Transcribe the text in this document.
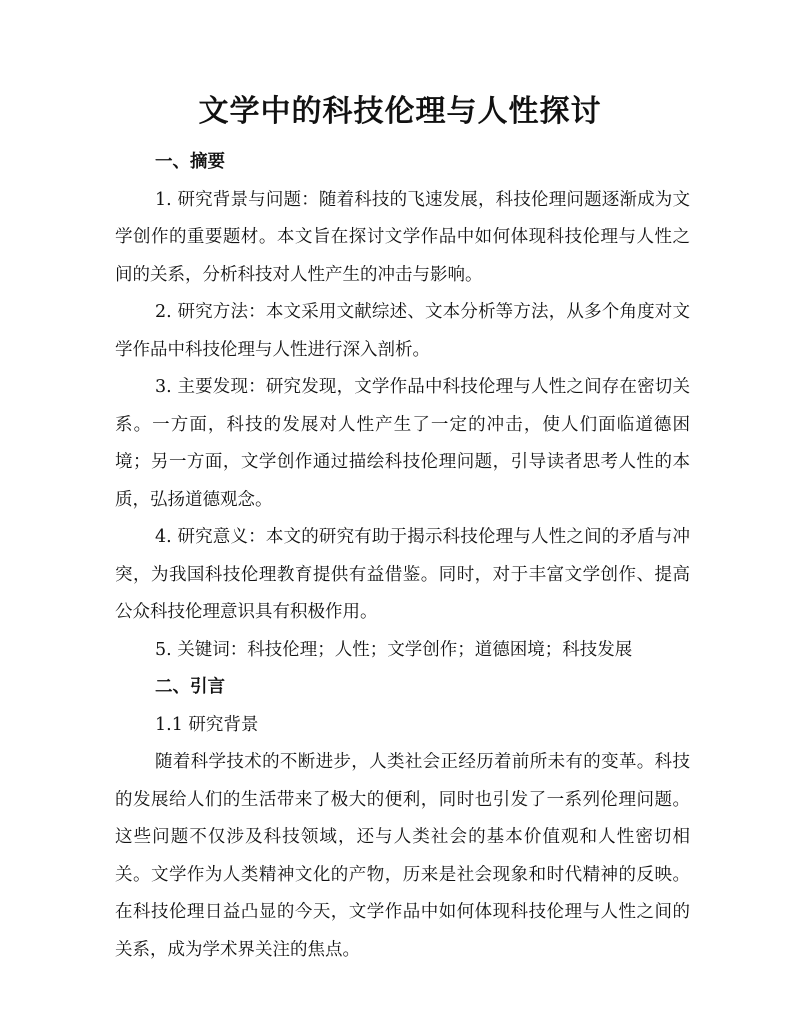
文学中的科技伦理与人性探讨

一、摘要

1. 研究背景与问题：随着科技的飞速发展，科技伦理问题逐渐成为文学创作的重要题材。本文旨在探讨文学作品中如何体现科技伦理与人性之间的关系，分析科技对人性产生的冲击与影响。

2. 研究方法：本文采用文献综述、文本分析等方法，从多个角度对文学作品中科技伦理与人性进行深入剖析。

3. 主要发现：研究发现，文学作品中科技伦理与人性之间存在密切关系。一方面，科技的发展对人性产生了一定的冲击，使人们面临道德困境；另一方面，文学创作通过描绘科技伦理问题，引导读者思考人性的本质，弘扬道德观念。

4. 研究意义：本文的研究有助于揭示科技伦理与人性之间的矛盾与冲突，为我国科技伦理教育提供有益借鉴。同时，对于丰富文学创作、提高公众科技伦理意识具有积极作用。

5. 关键词：科技伦理；人性；文学创作；道德困境；科技发展

二、引言

1.1 研究背景

随着科学技术的不断进步，人类社会正经历着前所未有的变革。科技的发展给人们的生活带来了极大的便利，同时也引发了一系列伦理问题。这些问题不仅涉及科技领域，还与人类社会的基本价值观和人性密切相关。文学作为人类精神文化的产物，历来是社会现象和时代精神的反映。在科技伦理日益凸显的今天，文学作品中如何体现科技伦理与人性之间的关系，成为学术界关注的焦点。
